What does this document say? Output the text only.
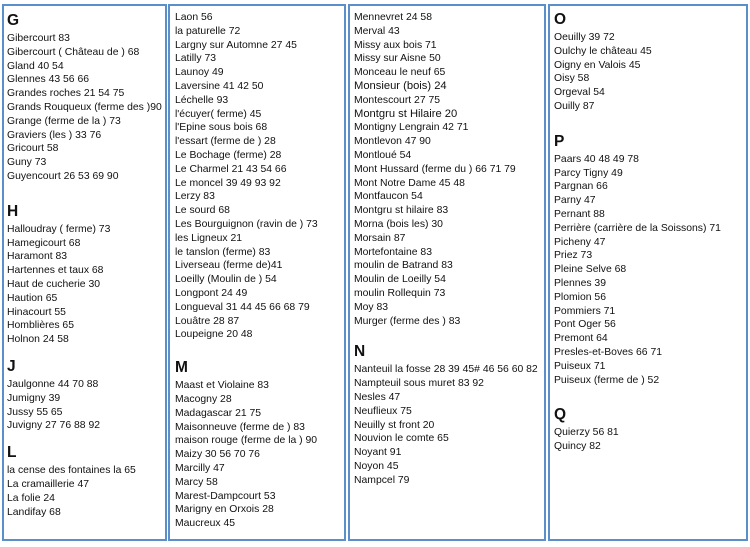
G
Gibercourt 83
Gibercourt ( Château de ) 68
Gland 40 54
Glennes 43 56 66
Grandes roches 21 54 75
Grands Rouqueux (ferme des )90
Grange (ferme de la ) 73
Graviers (les ) 33 76
Gricourt 58
Guny 73
Guyencourt 26 53 69 90
H
Halloudray ( ferme) 73
Hamegicourt 68
Haramont 83
Hartennes et taux 68
Haut de cucherie 30
Haution 65
Hinacourt 55
Homblières 65
Holnon 24 58
J
Jaulgonne 44 70 88
Jumigny 39
Jussy 55 65
Juvigny 27 76 88 92
L
la cense des fontaines la 65
La cramaillerie 47
La folie 24
Landifay 68
Laon 56
la paturelle 72
Largny sur Automne 27 45
Latilly 73
Launoy 49
Laversine 41 42 50
Léchelle 93
l'écuyer( ferme) 45
l'Epine sous bois 68
l'essart (ferme de ) 28
Le Bochage (ferme) 28
Le Charmel 21 43 54 66
Le moncel 39 49 93 92
Lerzy 83
Le sourd 68
Les Bourguignon (ravin de ) 73
les Ligneux 21
le tanslon (ferme) 83
Liverseau (ferme de)41
Loeilly (Moulin de ) 54
Longpont 24 49
Longueval 31 44 45 66 68 79
Louâtre 28 87
Loupeigne 20 48
M
Maast et Violaine 83
Macogny 28
Madagascar 21 75
Maisonneuve (ferme de ) 83
maison rouge (ferme de la ) 90
Maizy 30 56 70 76
Marcilly 47
Marcy 58
Marest-Dampcourt 53
Marigny en Orxois 28
Maucreux 45
Mennevret 24 58
Merval 43
Missy aux bois 71
Missy sur Aisne 50
Monceau le neuf 65
Monsieur (bois) 24
Montescourt 27 75
Montgru st Hilaire 20
Montigny Lengrain 42 71
Montlevon 47 90
Montloué 54
Mont Hussard (ferme du ) 66 71 79
Mont Notre Dame 45 48
Montfaucon 54
Montgru st hilaire 83
Morna (bois les) 30
Morsain 87
Mortefontaine 83
moulin de Batrand 83
Moulin de Loeilly 54
moulin Rollequin 73
Moy 83
Murger (ferme des ) 83
N
Nanteuil la fosse 28 39 45# 46 56 60 82
Nampteuil sous muret 83 92
Nesles 47
Neuflieux 75
Neuilly st front 20
Nouvion le comte 65
Noyant 91
Noyon 45
Nampcel 79
O
Oeuilly 39 72
Oulchy le château 45
Oigny en Valois 45
Oisy 58
Orgeval 54
Ouilly 87
P
Paars 40 48 49 78
Parcy Tigny 49
Pargnan 66
Parny 47
Pernant 88
Perrière (carrière de la Soissons) 71
Picheny 47
Priez 73
Pleine Selve 68
Plennes 39
Plomion 56
Pommiers 71
Pont Oger 56
Premont 64
Presles-et-Boves 66 71
Puiseux 71
Puiseux (ferme de ) 52
Q
Quierzy 56 81
Quincy 82
